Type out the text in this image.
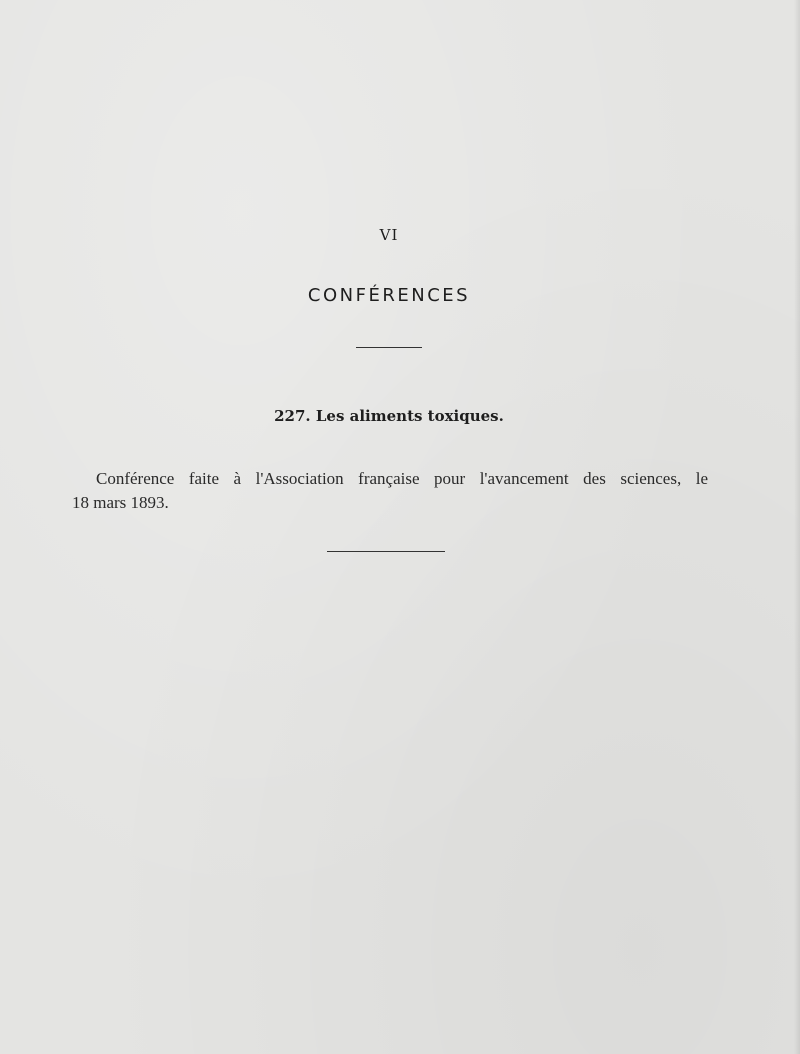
VI
CONFÉRENCES
227. Les aliments toxiques.
Conférence faite à l'Association française pour l'avancement des sciences, le
18 mars 1893.
